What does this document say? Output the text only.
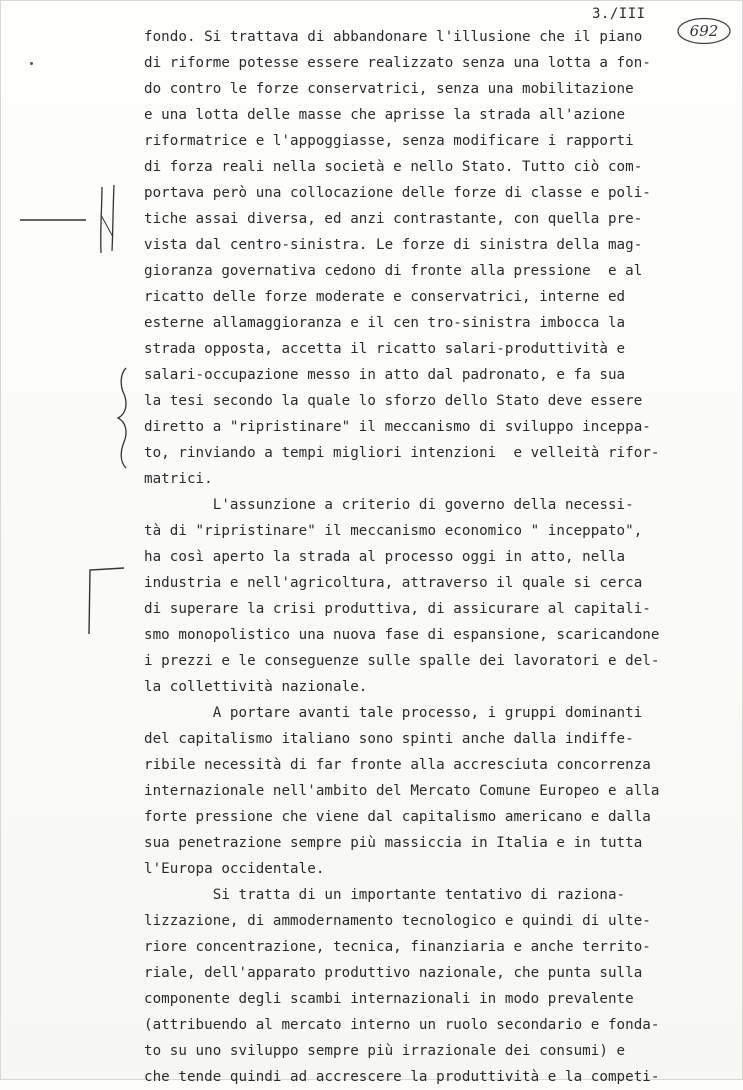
3./III
692
fondo. Si trattava di abbandonare l'illusione che il piano
di riforme potesse essere realizzato senza una lotta a fon-
do contro le forze conservatrici, senza una mobilitazione
e una lotta delle masse che aprisse la strada all'azione
riformatrice e l'appoggiasse, senza modificare i rapporti
di forza reali nella società e nello Stato. Tutto ciò com-
portava però una collocazione delle forze di classe e poli-
tiche assai diversa, ed anzi contrastante, con quella pre-
vista dal centro-sinistra. Le forze di sinistra della mag-
gioranza governativa cedono di fronte alla pressione  e al
ricatto delle forze moderate e conservatrici, interne ed
esterne allamaggioranza e il cen tro-sinistra imbocca la
strada opposta, accetta il ricatto salari-produttività e
salari-occupazione messo in atto dal padronato, e fa sua
la tesi secondo la quale lo sforzo dello Stato deve essere
diretto a "ripristinare" il meccanismo di sviluppo inceppa-
to, rinviando a tempi migliori intenzioni  e velleità rifor-
matrici.
L'assunzione a criterio di governo della necessi-
tà di "ripristinare" il meccanismo economico " inceppato",
ha così aperto la strada al processo oggi in atto, nella
industria e nell'agricoltura, attraverso il quale si cerca
di superare la crisi produttiva, di assicurare al capitali-
smo monopolistico una nuova fase di espansione, scaricandone
i prezzi e le conseguenze sulle spalle dei lavoratori e del-
la collettività nazionale.
A portare avanti tale processo, i gruppi dominanti
del capitalismo italiano sono spinti anche dalla indiffe-
ribile necessità di far fronte alla accresciuta concorrenza
internazionale nell'ambito del Mercato Comune Europeo e alla
forte pressione che viene dal capitalismo americano e dalla
sua penetrazione sempre più massiccia in Italia e in tutta
l'Europa occidentale.
Si tratta di un importante tentativo di raziona-
lizzazione, di ammodernamento tecnologico e quindi di ulte-
riore concentrazione, tecnica, finanziaria e anche territo-
riale, dell'apparato produttivo nazionale, che punta sulla
componente degli scambi internazionali in modo prevalente
(attribuendo al mercato interno un ruolo secondario e fonda-
to su uno sviluppo sempre più irrazionale dei consumi) e
che tende quindi ad accrescere la produttività e la competi-
